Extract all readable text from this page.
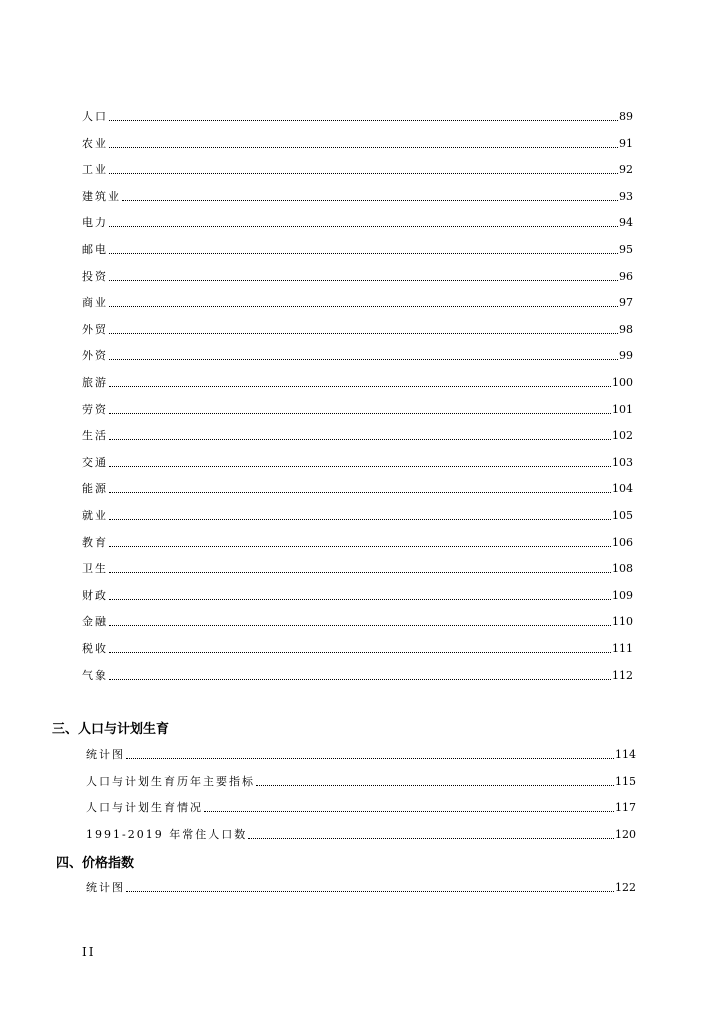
人口	89
农业	91
工业	92
建筑业	93
电力	94
邮电	95
投资	96
商业	97
外贸	98
外资	99
旅游	100
劳资	101
生活	102
交通	103
能源	104
就业	105
教育	106
卫生	108
财政	109
金融	110
税收	111
气象	112
三、人口与计划生育
统计图	114
人口与计划生育历年主要指标	115
人口与计划生育情况	117
1991-2019 年常住人口数	120
四、价格指数
统计图	122
II
